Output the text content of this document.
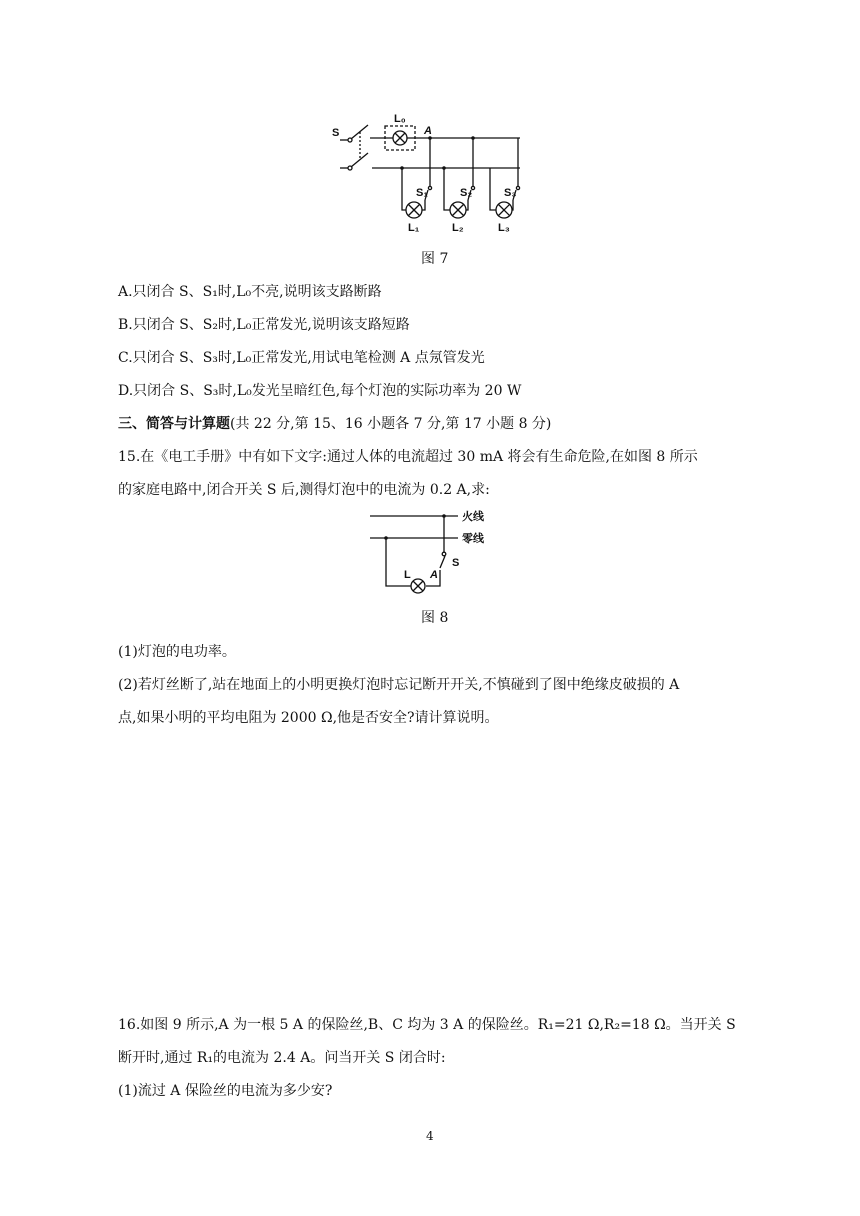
S
L₀
A
S₁	S₂	S₃
L₁	L₂	L₃
图 7
A.只闭合 S、S₁时,L₀不亮,说明该支路断路
B.只闭合 S、S₂时,L₀正常发光,说明该支路短路
C.只闭合 S、S₃时,L₀正常发光,用试电笔检测 A 点氖管发光
D.只闭合 S、S₃时,L₀发光呈暗红色,每个灯泡的实际功率为 20 W
三、简答与计算题(共 22 分,第 15、16 小题各 7 分,第 17 小题 8 分)
15.在《电工手册》中有如下文字:通过人体的电流超过 30 mA 将会有生命危险,在如图 8 所示
的家庭电路中,闭合开关 S 后,测得灯泡中的电流为 0.2 A,求:
火线
零线
S
A
L
图 8
(1)灯泡的电功率。
(2)若灯丝断了,站在地面上的小明更换灯泡时忘记断开开关,不慎碰到了图中绝缘皮破损的 A
点,如果小明的平均电阻为 2000 Ω,他是否安全?请计算说明。
16.如图 9 所示,A 为一根 5 A 的保险丝,B、C 均为 3 A 的保险丝。R₁=21 Ω,R₂=18 Ω。当开关 S
断开时,通过 R₁的电流为 2.4 A。问当开关 S 闭合时:
(1)流过 A 保险丝的电流为多少安?
4
